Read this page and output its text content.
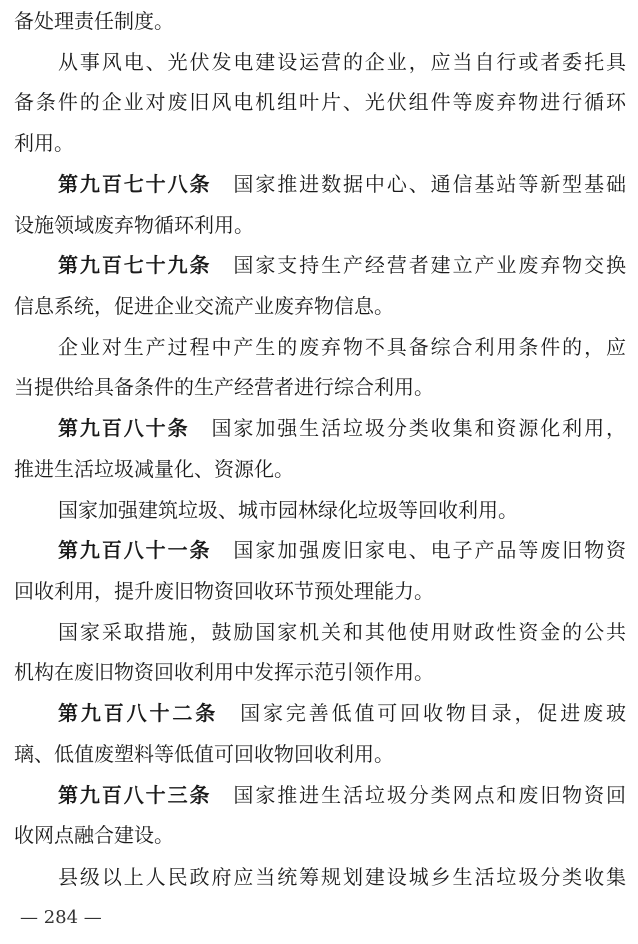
备处理责任制度。
从事风电、光伏发电建设运营的企业，应当自行或者委托具
备条件的企业对废旧风电机组叶片、光伏组件等废弃物进行循环
利用。
第九百七十八条 国家推进数据中心、通信基站等新型基础
设施领域废弃物循环利用。
第九百七十九条 国家支持生产经营者建立产业废弃物交换
信息系统，促进企业交流产业废弃物信息。
企业对生产过程中产生的废弃物不具备综合利用条件的，应
当提供给具备条件的生产经营者进行综合利用。
第九百八十条 国家加强生活垃圾分类收集和资源化利用，
推进生活垃圾减量化、资源化。
国家加强建筑垃圾、城市园林绿化垃圾等回收利用。
第九百八十一条 国家加强废旧家电、电子产品等废旧物资
回收利用，提升废旧物资回收环节预处理能力。
国家采取措施，鼓励国家机关和其他使用财政性资金的公共
机构在废旧物资回收利用中发挥示范引领作用。
第九百八十二条 国家完善低值可回收物目录，促进废玻
璃、低值废塑料等低值可回收物回收利用。
第九百八十三条 国家推进生活垃圾分类网点和废旧物资回
收网点融合建设。
— 284 —
县级以上人民政府应当统筹规划建设城乡生活垃圾分类收集
